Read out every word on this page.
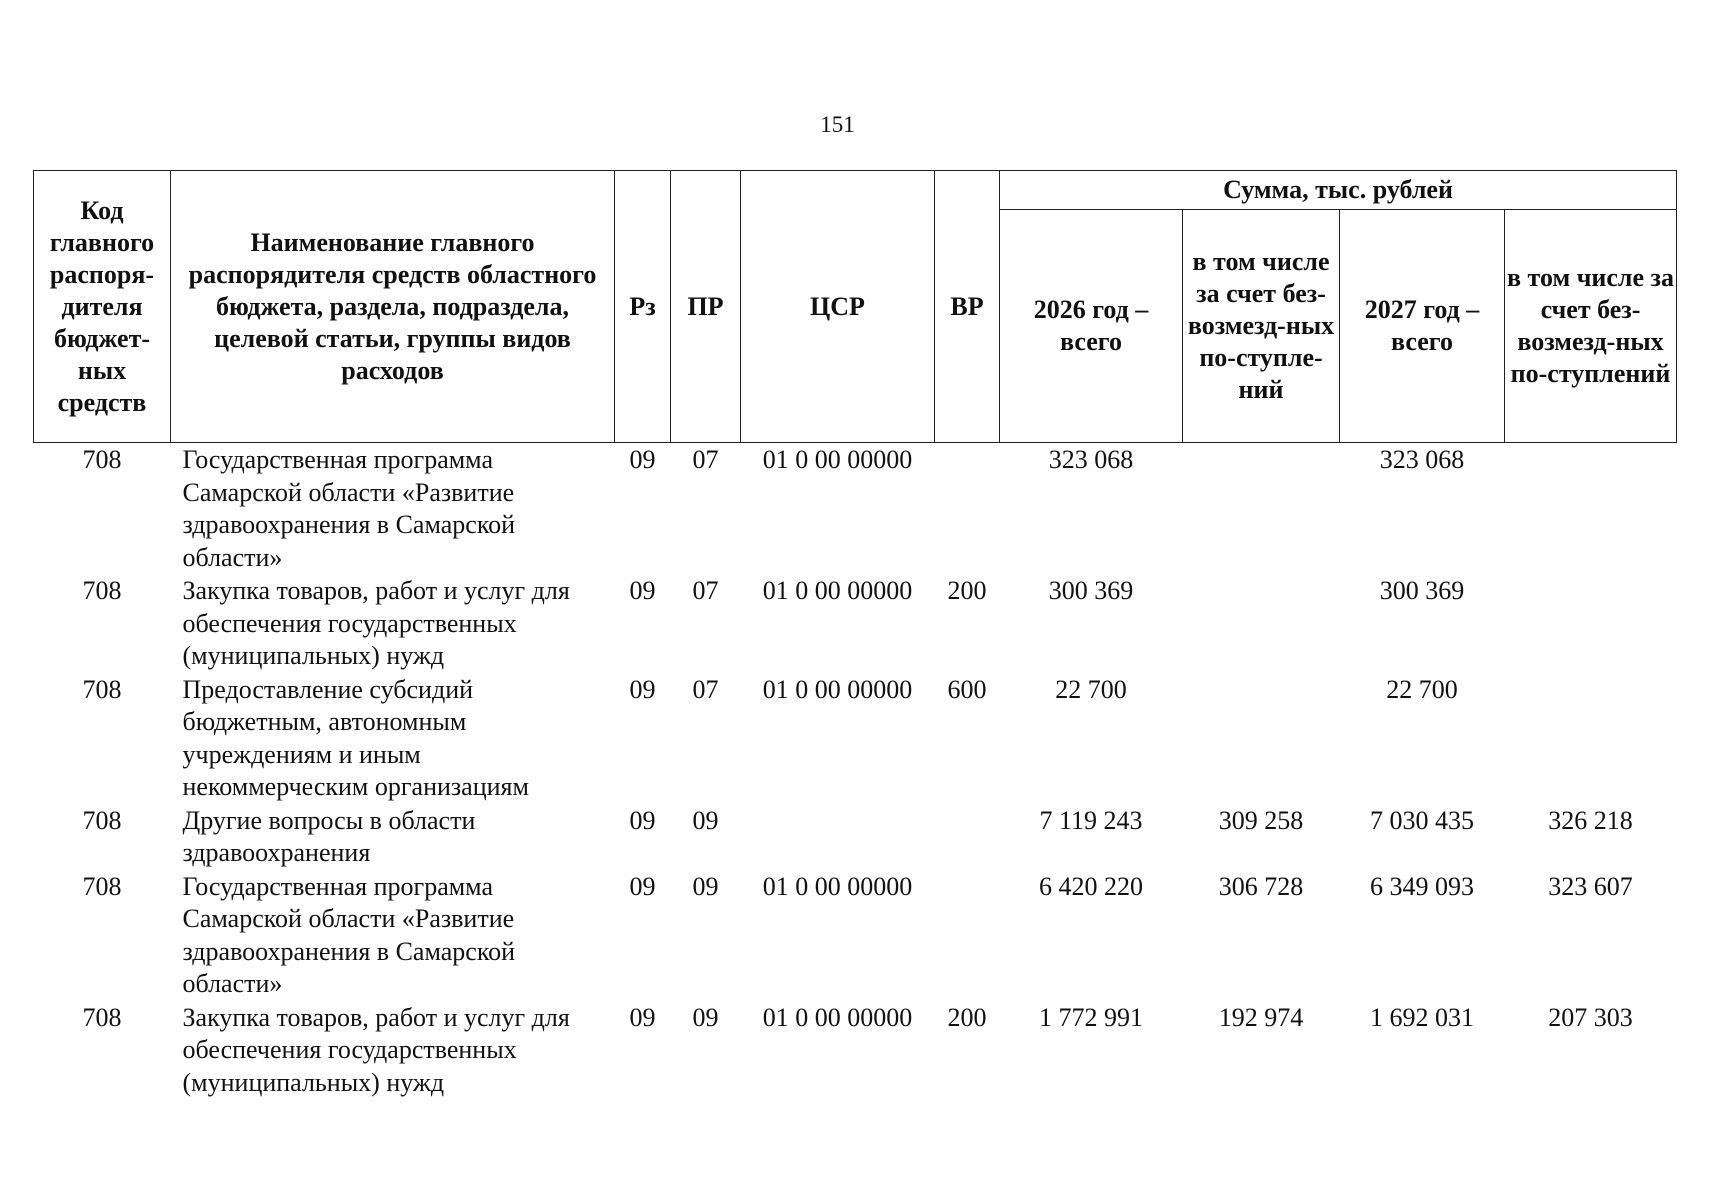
151
Код главного распоря-дителя бюджет-ных средств	Наименование главного распорядителя средств областного бюджета, раздела, подраздела, целевой статьи, группы видов расходов	Рз	ПР	ЦСР	ВР	Сумма, тыс. рублей			
						2026 год – всего	в том числе за счет без-возмезд-ных по-ступле-ний	2027 год – всего	в том числе за счет без-возмезд-ных по-ступлений
708	Государственная программа Самарской области «Развитие здравоохранения в Самарской области»	09	07	01 0 00 00000		323 068		323 068	
708	Закупка товаров, работ и услуг для обеспечения государственных (муниципальных) нужд	09	07	01 0 00 00000	200	300 369		300 369	
708	Предоставление субсидий бюджетным, автономным учреждениям и иным некоммерческим организациям	09	07	01 0 00 00000	600	22 700		22 700	
708	Другие вопросы в области здравоохранения	09	09			7 119 243	309 258	7 030 435	326 218
708	Государственная программа Самарской области «Развитие здравоохранения в Самарской области»	09	09	01 0 00 00000		6 420 220	306 728	6 349 093	323 607
708	Закупка товаров, работ и услуг для обеспечения государственных (муниципальных) нужд	09	09	01 0 00 00000	200	1 772 991	192 974	1 692 031	207 303
